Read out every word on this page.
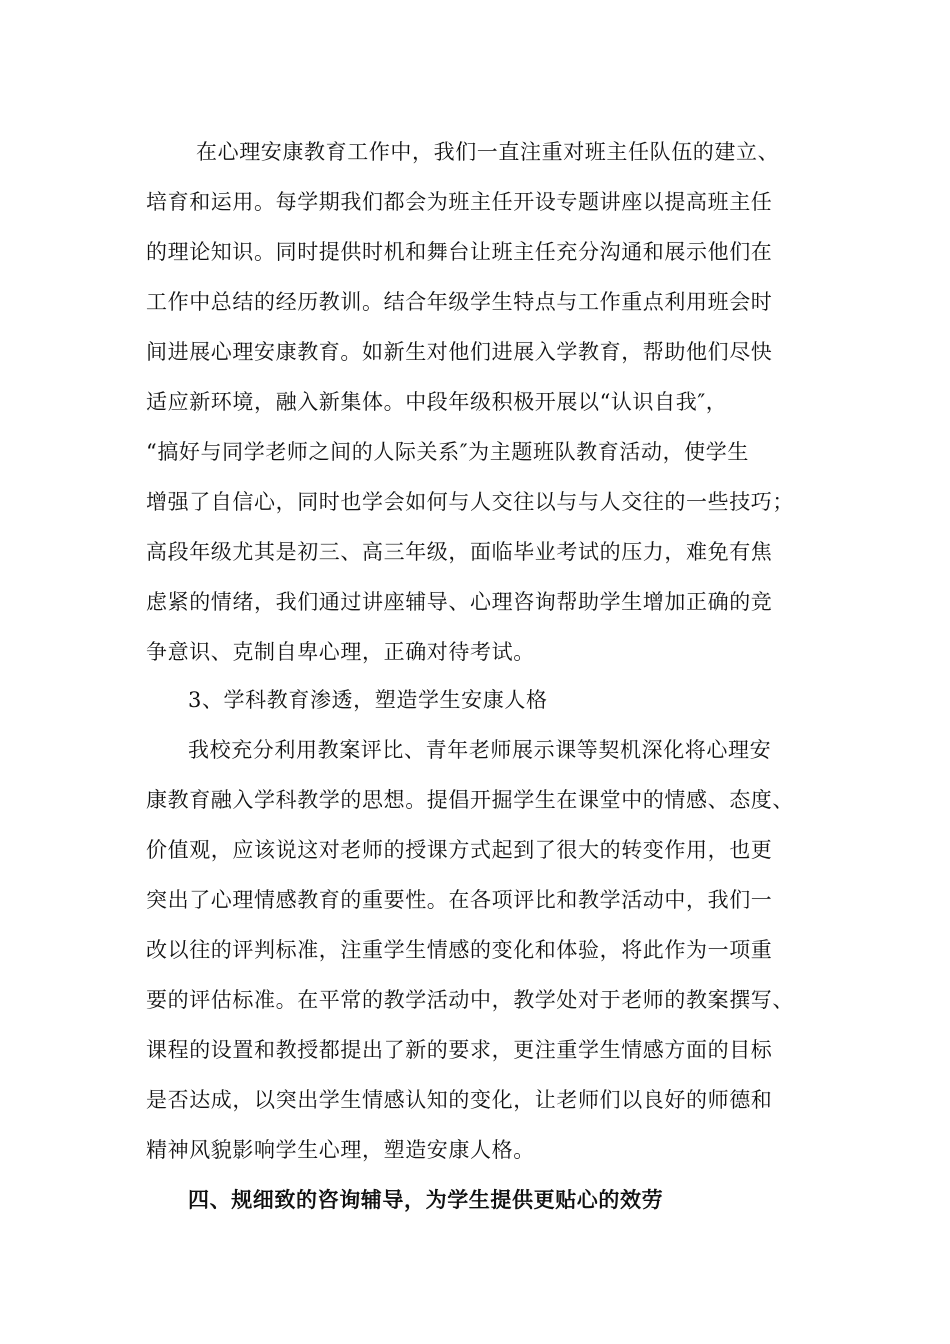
在心理安康教育工作中，我们一直注重对班主任队伍的建立、
培育和运用。每学期我们都会为班主任开设专题讲座以提高班主任
的理论知识。同时提供时机和舞台让班主任充分沟通和展示他们在
工作中总结的经历教训。结合年级学生特点与工作重点利用班会时
间进展心理安康教育。如新生对他们进展入学教育，帮助他们尽快
适应新环境，融入新集体。中段年级积极开展以“认识自我″，
“搞好与同学老师之间的人际关系″为主题班队教育活动，使学生
增强了自信心，同时也学会如何与人交往以与与人交往的一些技巧；
高段年级尤其是初三、高三年级，面临毕业考试的压力，难免有焦
虑紧的情绪，我们通过讲座辅导、心理咨询帮助学生增加正确的竞
争意识、克制自卑心理，正确对待考试。
3、学科教育渗透，塑造学生安康人格
我校充分利用教案评比、青年老师展示课等契机深化将心理安
康教育融入学科教学的思想。提倡开掘学生在课堂中的情感、态度、
价值观，应该说这对老师的授课方式起到了很大的转变作用，也更
突出了心理情感教育的重要性。在各项评比和教学活动中，我们一
改以往的评判标准，注重学生情感的变化和体验，将此作为一项重
要的评估标准。在平常的教学活动中，教学处对于老师的教案撰写、
课程的设置和教授都提出了新的要求，更注重学生情感方面的目标
是否达成，以突出学生情感认知的变化，让老师们以良好的师德和
精神风貌影响学生心理，塑造安康人格。
四、规细致的咨询辅导，为学生提供更贴心的效劳
